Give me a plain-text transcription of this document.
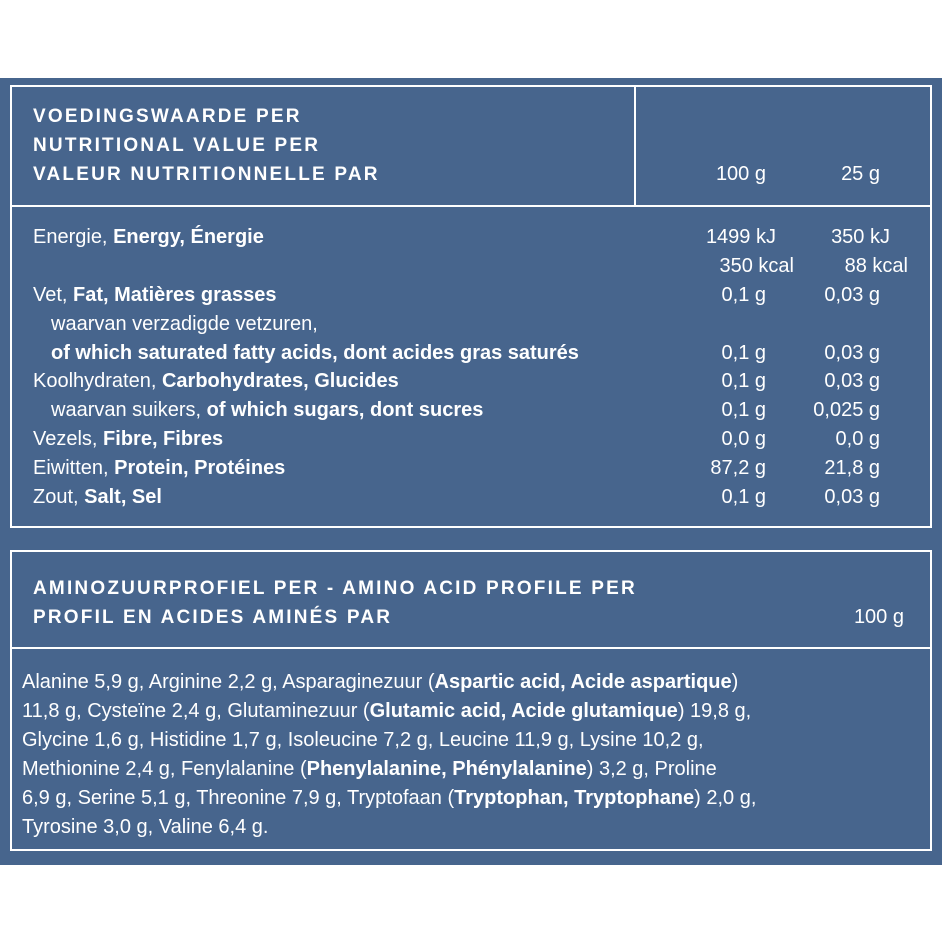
VOEDINGSWAARDE PER
NUTRITIONAL VALUE PER
VALEUR NUTRITIONNELLE PAR	100 g	25 g
Energie, Energy, Énergie	1499 kJ	350 kJ
350 kcal	88 kcal
Vet, Fat, Matières grasses	0,1 g	0,03 g
waarvan verzadigde vetzuren,
of which saturated fatty acids, dont acides gras saturés	0,1 g	0,03 g
Koolhydraten, Carbohydrates, Glucides	0,1 g	0,03 g
waarvan suikers, of which sugars, dont sucres	0,1 g 0,025 g
Vezels, Fibre, Fibres	0,0 g	0,0 g
Eiwitten, Protein, Protéines	87,2 g	21,8 g
Zout, Salt, Sel	0,1 g	0,03 g
AMINOZUURPROFIEL PER - AMINO ACID PROFILE PER
PROFIL EN ACIDES AMINÉS PAR	100 g
Alanine 5,9 g, Arginine 2,2 g, Asparaginezuur (Aspartic acid, Acide aspartique)
11,8 g, Cysteïne 2,4 g, Glutaminezuur (Glutamic acid, Acide glutamique) 19,8 g,
Glycine 1,6 g, Histidine 1,7 g, Isoleucine 7,2 g, Leucine 11,9 g, Lysine 10,2 g,
Methionine 2,4 g, Fenylalanine (Phenylalanine, Phénylalanine) 3,2 g, Proline
6,9 g, Serine 5,1 g, Threonine 7,9 g, Tryptofaan (Tryptophan, Tryptophane) 2,0 g,
Tyrosine 3,0 g, Valine 6,4 g.
